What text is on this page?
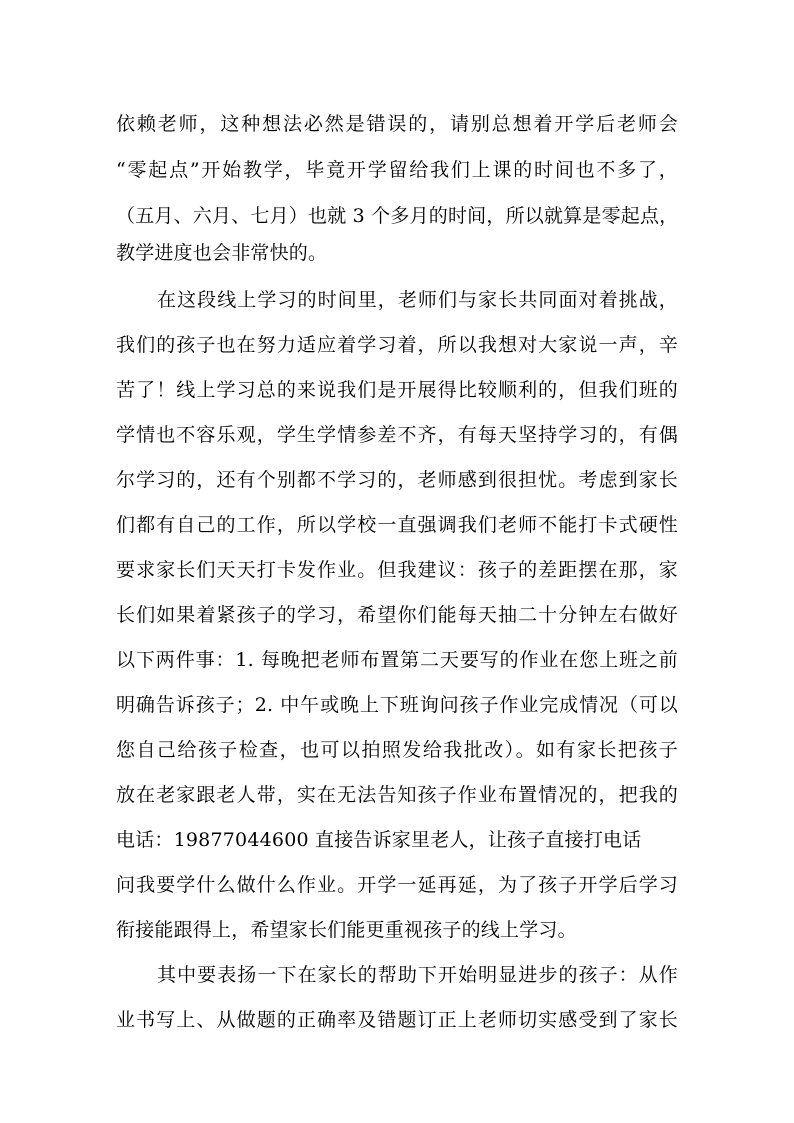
依赖老师，这种想法必然是错误的，请别总想着开学后老师会
“零起点”开始教学，毕竟开学留给我们上课的时间也不多了，
（五月、六月、七月）也就 3 个多月的时间，所以就算是零起点，
教学进度也会非常快的。
在这段线上学习的时间里，老师们与家长共同面对着挑战，
我们的孩子也在努力适应着学习着，所以我想对大家说一声，辛
苦了！线上学习总的来说我们是开展得比较顺利的，但我们班的
学情也不容乐观，学生学情参差不齐，有每天坚持学习的，有偶
尔学习的，还有个别都不学习的，老师感到很担忧。考虑到家长
们都有自己的工作，所以学校一直强调我们老师不能打卡式硬性
要求家长们天天打卡发作业。但我建议：孩子的差距摆在那，家
长们如果着紧孩子的学习，希望你们能每天抽二十分钟左右做好
以下两件事：1. 每晚把老师布置第二天要写的作业在您上班之前
明确告诉孩子；2. 中午或晚上下班询问孩子作业完成情况（可以
您自己给孩子检查，也可以拍照发给我批改）。如有家长把孩子
放在老家跟老人带，实在无法告知孩子作业布置情况的，把我的
电话：19877044600 直接告诉家里老人，让孩子直接打电话
问我要学什么做什么作业。开学一延再延，为了孩子开学后学习
衔接能跟得上，希望家长们能更重视孩子的线上学习。
其中要表扬一下在家长的帮助下开始明显进步的孩子：从作
业书写上、从做题的正确率及错题订正上老师切实感受到了家长
